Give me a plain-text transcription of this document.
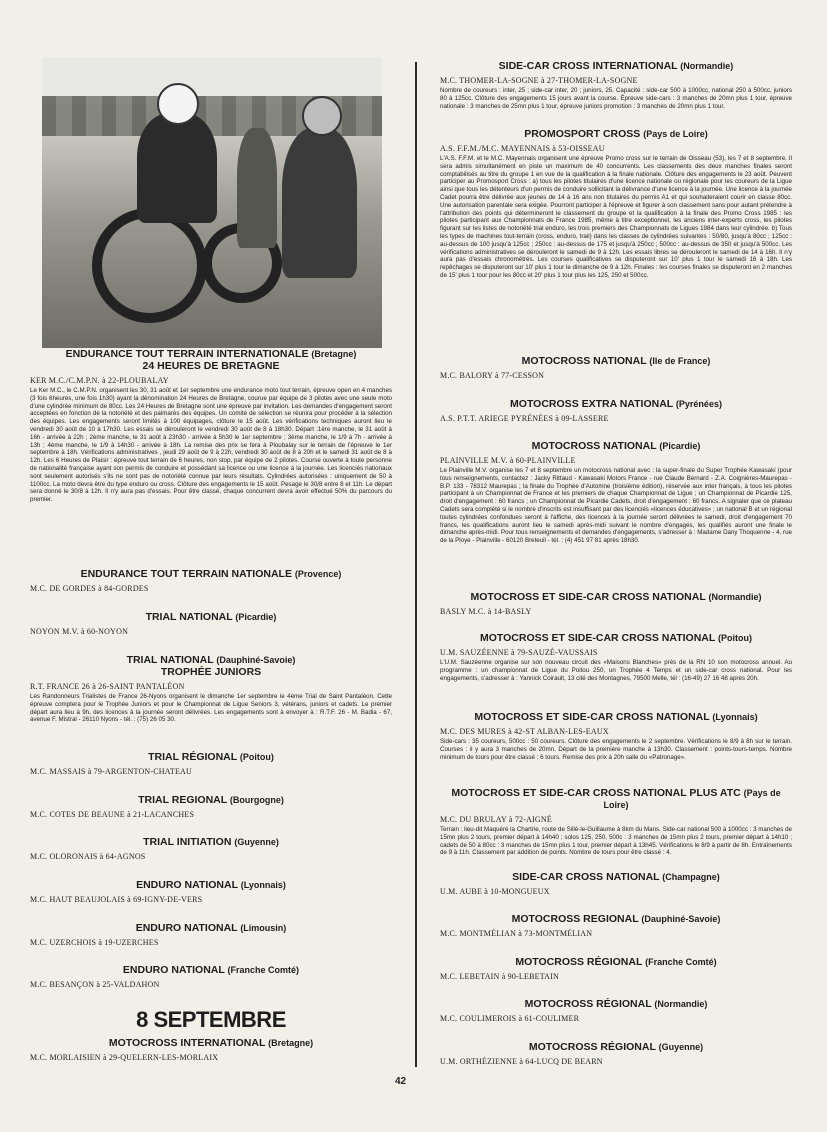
ENDURANCE TOUT TERRAIN INTERNATIONALE (Bretagne)
24 HEURES DE BRETAGNE
KER M.C./C.M.P.N. à 22-PLOUBALAY

Le Ker M.C., le C.M.P.N. organisent les 30, 31 août et 1er septembre une endurance moto tout terrain, épreuve open en 4 manches (3 fois 6heures, une fois 1h30) ayant la dénomination 24 Heures de Bretagne, courue par équipe de 3 pilotes avec une seule moto d'une cylindrée minimum de 80cc. Les 24 Heures de Bretagne sont une épreuve par invitation. Les demandes d'engagement seront acceptées en fonction de la notoriété et des palmarès des équipes. Un comité de sélection se réunira pour procéder à la sélection des équipes. Les engagements seront limités à 100 équipages, clôture le 15 août. Les vérifications techniques auront lieu le vendredi 30 août de 10 à 17h30. Les essais se dérouleront le vendredi 30 août de 8 à 18h30. Départ :1ère manche, le 31 août à 16h - arrivée à 22h ; 2ème manche, le 31 août à 23h30 - arrivée à 5h30 le 1er septembre ; 3ème manche, le 1/9 à 7h - arrivée à 13h ; 4ème manche, le 1/9 à 14h30 - arrivée à 18h. La remise des prix se fera à Ploubalay sur le terrain de l'épreuve le 1er septembre à 18h. Vérifications administratives , jeudi 29 août de 9 à 22h, vendredi 30 août de 8 à 20h et le samedi 31 août de 8 à 12h. Les 6 Heures de Plaisir : épreuve tout terrain de 6 heures, non stop, par équipe de 2 pilotes. Course ouverte à toute personne de nationalité française ayant son permis de conduire et possédant sa licence ou une licence à la journée. Les licenciés nationaux sont seulement autorisés s'ils ne sont pas de notoriété connue par leurs résultats. Cylindrées autorisées : uniquement de 50 à 1100cc. La moto devra être du type enduro ou cross. Clôture des engagements le 15 août. Pesage le 30/8 entre 8 et 11h. Le départ sera donné le 30/8 à 12h. Il n'y aura pas d'essais. Pour être classé, chaque concurrent devra avoir effectué 50% du parcours du premier.

ENDURANCE TOUT TERRAIN NATIONALE (Provence)
M.C. DE GORDES à 84-GORDES
TRIAL NATIONAL (Picardie)
NOYON M.V. à 60-NOYON
TRIAL NATIONAL (Dauphiné-Savoie)
TROPHÉE JUNIORS
R.T. FRANCE 26 à 26-SAINT PANTALÉON

Les Randonneurs Trialistes de France 26-Nyons organisent le dimanche 1er septembre le 4ème Trial de Saint Pantaléon. Cette épreuve comptera pour le Trophée Juniors et pour le Championnat de Ligue Seniors 3, vétérans, juniors et cadets. Le premier départ aura lieu à 9h, des licences à la journée seront délivrées. Les engagements sont à envoyer à : R.T.F. 26 - M. Badia - 67, avenue F. Mistral - 26110 Nyons - tél. : (75) 26 05 30.

TRIAL RÉGIONAL (Poitou)
M.C. MASSAIS à 79-ARGENTON-CHATEAU
TRIAL REGIONAL (Bourgogne)
M.C. COTES DE BEAUNE à 21-LACANCHES
TRIAL INITIATION (Guyenne)
M.C. OLORONAIS à 64-AGNOS
ENDURO NATIONAL (Lyonnais)
M.C. HAUT BEAUJOLAIS à 69-IGNY-DE-VERS
ENDURO NATIONAL (Limousin)
M.C. UZERCHOIS à 19-UZERCHES
ENDURO NATIONAL (Franche Comté)
M.C. BESANÇON à 25-VALDAHON
MOTOCROSS INTERNATIONAL (Bretagne)
M.C. MORLAISIEN à 29-QUELERN-LES-MORLAIX
8 SEPTEMBRE
SIDE-CAR CROSS INTERNATIONAL (Normandie)
M.C. THOMER-LA-SOGNE à 27-THOMER-LA-SOGNE

Nombre de coureurs : inter, 25 ; side-car inter, 20 ; juniors, 25. Capacité : side-car 500 à 1000cc, national 250 à 500cc, juniors 80 à 125cc. Clôture des engagements 15 jours avant la course. Épreuve side-cars : 3 manches de 20mn plus 1 tour, épreuve nationale : 3 manches de 25mn plus 1 tour, épreuve juniors promotion : 3 manches de 20mn plus 1 tour.

PROMOSPORT CROSS (Pays de Loire)
A.S. F.F.M./M.C. MAYENNAIS à 53-OISSEAU

L'A.S. F.F.M. et le M.C. Mayennais organisent une épreuve Promo cross sur le terrain de Oisseau (53), les 7 et 8 septembre. Il sera admis simultanément en piste un maximum de 40 concurrents. Les classements des deux manches finales seront comptabilisés au titre du groupe 1 en vue de la qualification à la finale nationale. Clôture des engagements le 23 août. Peuvent participer au Promosport Cross : a) tous les pilotes titulaires d'une licence nationale ou régionale pour les coureurs de la Ligue ainsi que tous les détenteurs d'un permis de conduire sollicitant la délivrance d'une licence à la journée. Une licence à la journée Cadet pourra être délivrée aux jeunes de 14 à 16 ans non titulaires du permis A1 et qui souhaiteraient courir en classe 80cc. Une autorisation parentale sera exigée. Pourront participer à l'épreuve et figurer à son classement sans pour autant prétendre à l'attribution des points qui détermineront le classement du groupe et la qualification à la finale des Promo Cross 1985 : les pilotes participant aux Championnats de France 1985, même à titre exceptionnel, les anciens inter-experts cross, les pilotes figurant sur les listes de notoriété trial enduro, les trois premiers des Championnats de Ligues 1984 dans leur cylindrée. b) Tous les types de machines tout-terrain (cross, enduro, trail) dans les classes de cylindrées suivantes : 50/80, jusqu'à 80cc ; 125cc : au-dessus de 100 jusqu'à 125cc ; 250cc : au-dessus de 175 et jusqu'à 250cc ; 500cc : au-dessus de 350 et jusqu'à 500cc. Les vérifications administratives se dérouleront le samedi de 9 à 12h. Les essais libres se dérouleront le samedi de 14 à 16h. Il n'y aura pas d'essais chronométrés. Les courses qualificatives se disputeront sur 10' plus 1 tour le samedi 16 à 18h. Les repêchages se disputeront sur 10' plus 1 tour le dimanche de 9 à 12h. Finales : les courses finales se disputeront en 2 manches de 15' plus 1 tour pour les 80cc et 20' plus 1 tour plus les 125, 250 et 500cc.

MOTOCROSS NATIONAL (Ile de France)
M.C. BALORY à 77-CESSON
MOTOCROSS EXTRA NATIONAL (Pyrénées)
A.S. P.T.T. ARIEGE PYRÉNÉES à 09-LASSERE
MOTOCROSS NATIONAL (Picardie)
PLAINVILLE M.V. à 60-PLAINVILLE

Le Plainville M.V. organise les 7 et 8 septembre un motocross national avec : la super-finale du Super Trophée Kawasaki (pour tous renseignements, contactez : Jacky Rittaud - Kawasaki Motors France - rue Claude Bernard - Z.A. Coignières-Maurepas - B.P. 133 - 78312 Maurepas ; la finale du Trophée d'Automne (troisième édition), réservée aux inter français, à tous les pilotes participant à un Championnat de France et les premiers de chaque Championnat de Ligue ; un Championnat de Picardie 125, droit d'engagement : 60 francs ; un Championnat de Picardie Cadets, droit d'engagement : 60 francs. A signaler que ce plateau Cadets sera complété si le nombre d'inscrits est insuffisant par des licenciés «licences éducatives» ; un national B et un régional toutes cylindrées confondues seront à l'affiche, des licences à la journée seront délivrées le samedi, droit d'engagement 70 francs, les qualifications auront lieu le samedi après-midi suivant le nombre d'engagés, les qualifiés auront une finale le dimanche après-midi. Pour tous renseignements et demandes d'engagements, s'adresser à : Madame Dany Thoquenne - 4, rue de la Ploye - Plainville - 60120 Breteuil - tél. : (4) 451 97 81 après 18h30.

MOTOCROSS ET SIDE-CAR CROSS NATIONAL (Normandie)
BASLY M.C. à 14-BASLY
MOTOCROSS ET SIDE-CAR CROSS NATIONAL (Poitou)
U.M. SAUZÉENNE à 79-SAUZÉ-VAUSSAIS

L'U.M. Sauzéenne organise sur son nouveau circuit des «Maisons Blanches» près de la RN 10 son motocross annuel. Au programme : un championnat de Ligue du Poitou 250, un Trophée 4 Temps et un side-car cross national. Pour les engagements, s'adresser à : Yannick Coirault, 13 cité des Montagnes, 79500 Melle, tél : (16-49) 27 16 48 après 20h.

MOTOCROSS ET SIDE-CAR CROSS NATIONAL (Lyonnais)
M.C. DES MURES à 42-ST ALBAN-LES-EAUX

Side-cars : 35 coureurs, 500cc : 50 coureurs. Clôture des engagements le 2 septembre. Vérifications le 8/9 à 8h sur le terrain. Courses : il y aura 3 manches de 20mn. Départ de la première manche à 13h30. Classement : points-tours-temps. Nombre minimum de tours pour être classé : 6 tours. Remise des prix à 20h salle du «Patronage».

MOTOCROSS ET SIDE-CAR CROSS NATIONAL PLUS ATC (Pays de Loire)
M.C. DU BRULAY à 72-AIGNÉ

Terrain : lieu-dit Maquéré la Chartrie, route de Sillé-le-Guillaume à 8km du Mans. Side-car national 500 à 1000cc : 3 manches de 15mn plus 2 tours, premier départ à 14h40 ; solos 125, 250, 500c : 3 manches de 15mn plus 2 tours, premier départ à 14h10 ; cadets de 50 à 80cc : 3 manches de 15mn plus 1 tour, premier départ à 13h45. Vérifications le 8/9 à partir de 8h. Entraînements de 9 à 11h. Classement par addition de points. Nombre de tours pour être classé : 4.

SIDE-CAR CROSS NATIONAL (Champagne)
U.M. AUBE à 10-MONGUEUX
MOTOCROSS REGIONAL (Dauphiné-Savoie)
M.C. MONTMÉLIAN à 73-MONTMÉLIAN
MOTOCROSS RÉGIONAL (Franche Comté)
M.C. LEBETAIN à 90-LEBETAIN
MOTOCROSS RÉGIONAL (Normandie)
M.C. COULIMEROIS à 61-COULIMER
MOTOCROSS RÉGIONAL (Guyenne)
U.M. ORTHÉZIENNE à 64-LUCQ DE BEARN
42
